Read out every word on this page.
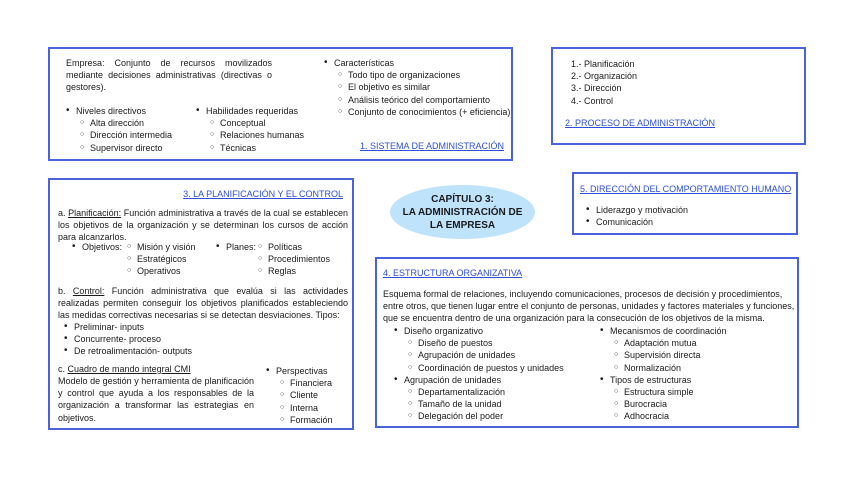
Empresa: Conjunto de recursos movilizados mediante decisiones administrativas (directivas o gestores).

• Niveles directivos
○ Alta dirección
○ Dirección intermedia
○ Supervisor directo
• Habilidades requeridas
○ Conceptual
○ Relaciones humanas
○ Técnicas
• Características
○ Todo tipo de organizaciones
○ El objetivo es similar
○ Análisis teórico del comportamiento
○ Conjunto de conocimientos (+ eficiencia)
1. SISTEMA DE ADMINISTRACIÓN
1.- Planificación
2.- Organización
3.- Dirección
4.- Control
2. PROCESO DE ADMINISTRACIÓN
3. LA PLANIFICACIÓN Y EL CONTROL

a. Planificación: Función administrativa a través de la cual se establecen los objetivos de la organización y se determinan los cursos de acción para alcanzarlos.

• Objetivos:	○ Misión y visión
○ Estratégicos
○ Operativos
• Planes:	○ Políticas
○ Procedimientos
○ Reglas

b. Control: Función administrativa que evalúa si las actividades realizadas permiten conseguir los objetivos planificados estableciendo las medidas correctivas necesarias si se detectan desviaciones. Tipos:

• Preliminar- inputs
• Concurrente- proceso
• De retroalimentación- outputs

c. Cuadro de mando integral CMI

Modelo de gestión y herramienta de planificación y control que ayuda a los responsables de la organización a transformar las estrategias en objetivos.

• Perspectivas
○ Financiera
○ Cliente
○ Interna
○ Formación
CAPÍTULO 3:
LA ADMINISTRACIÓN DE
LA EMPRESA
5. DIRECCIÓN DEL COMPORTAMIENTO HUMANO
• Liderazgo y motivación
• Comunicación
4. ESTRUCTURA ORGANIZATIVA

Esquema formal de relaciones, incluyendo comunicaciones, procesos de decisión y procedimientos, entre otros, que tienen lugar entre el conjunto de personas, unidades y factores materiales y funciones, que se encuentra dentro de una organización para la consecución de los objetivos de la misma.

• Diseño organizativo
○ Diseño de puestos
○ Agrupación de unidades
○ Coordinación de puestos y unidades
• Agrupación de unidades
○ Departamentalización
○ Tamaño de la unidad
○ Delegación del poder
• Mecanismos de coordinación
○ Adaptación mutua
○ Supervisión directa
○ Normalización
• Tipos de estructuras
○ Estructura simple
○ Burocracia
○ Adhocracia
